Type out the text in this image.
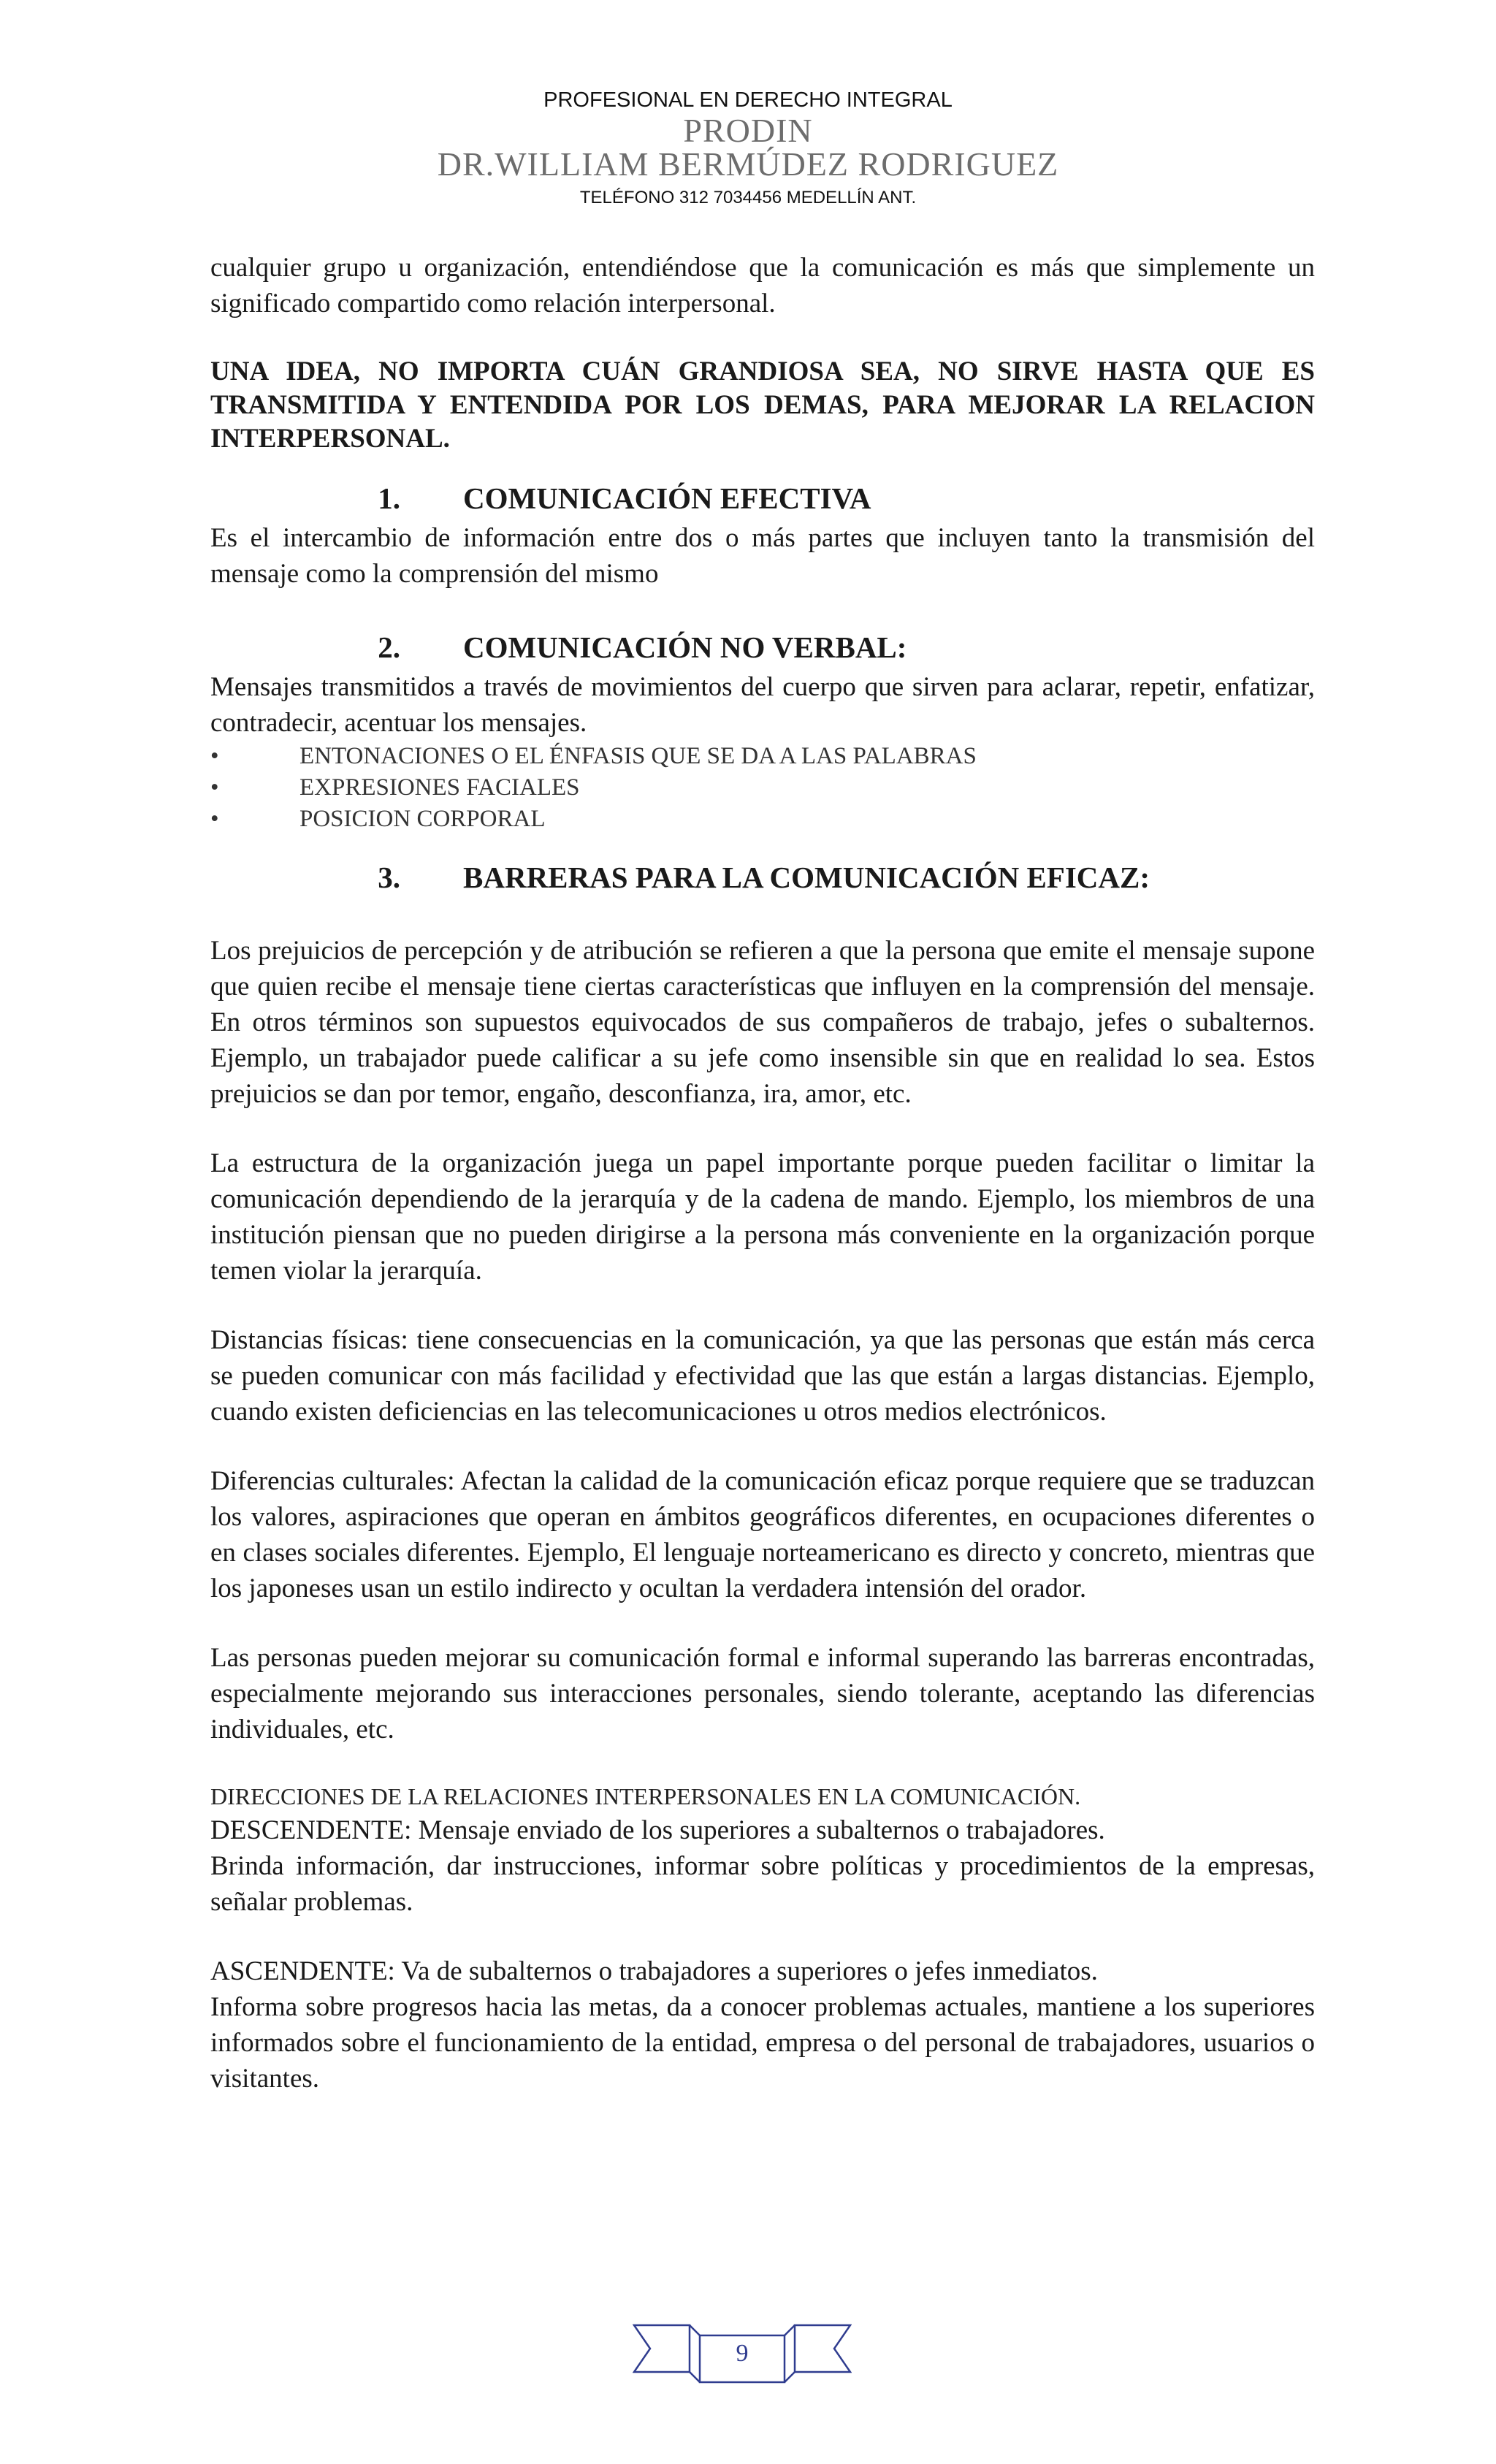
PROFESIONAL EN DERECHO INTEGRAL
PRODIN
DR.WILLIAM BERMÚDEZ RODRIGUEZ
TELÉFONO 312 7034456 MEDELLÍN ANT.

cualquier grupo u organización, entendiéndose que la comunicación es más que simplemente un significado compartido como relación interpersonal.

UNA IDEA, NO IMPORTA CUÁN GRANDIOSA SEA, NO SIRVE HASTA QUE ES TRANSMITIDA Y ENTENDIDA POR LOS DEMAS, PARA MEJORAR LA RELACION INTERPERSONAL.

1.	COMUNICACIÓN EFECTIVA

Es el intercambio de información entre dos o más partes que incluyen tanto la transmisión del mensaje como la comprensión del mismo

2.	COMUNICACIÓN NO VERBAL:

Mensajes transmitidos a través de movimientos del cuerpo que sirven para aclarar, repetir, enfatizar, contradecir, acentuar los mensajes.

•	ENTONACIONES O EL ÉNFASIS QUE SE DA A LAS PALABRAS
•	EXPRESIONES FACIALES
•	POSICION CORPORAL
3.	BARRERAS PARA LA COMUNICACIÓN EFICAZ:

Los prejuicios de percepción y de atribución se refieren a que la persona que emite el mensaje supone que quien recibe el mensaje tiene ciertas características que influyen en la comprensión del mensaje. En otros términos son supuestos equivocados de sus compañeros de trabajo, jefes o subalternos. Ejemplo, un trabajador puede calificar a su jefe como insensible sin que en realidad lo sea. Estos prejuicios se dan por temor, engaño, desconfianza, ira, amor, etc.

La estructura de la organización juega un papel importante porque pueden facilitar o limitar la comunicación dependiendo de la jerarquía y de la cadena de mando. Ejemplo, los miembros de una institución piensan que no pueden dirigirse a la persona más conveniente en la organización porque temen violar la jerarquía.

Distancias físicas: tiene consecuencias en la comunicación, ya que las personas que están más cerca se pueden comunicar con más facilidad y efectividad que las que están a largas distancias. Ejemplo, cuando existen deficiencias en las telecomunicaciones u otros medios electrónicos.

Diferencias culturales: Afectan la calidad de la comunicación eficaz porque requiere que se traduzcan los valores, aspiraciones que operan en ámbitos geográficos diferentes, en ocupaciones diferentes o en clases sociales diferentes. Ejemplo, El lenguaje norteamericano es directo y concreto, mientras que los japoneses usan un estilo indirecto y ocultan la verdadera intensión del orador.

Las personas pueden mejorar su comunicación formal e informal superando las barreras encontradas, especialmente mejorando sus interacciones personales, siendo tolerante, aceptando las diferencias individuales, etc.

DIRECCIONES DE LA RELACIONES INTERPERSONALES EN LA COMUNICACIÓN.

DESCENDENTE: Mensaje enviado de los superiores a subalternos o trabajadores.

Brinda información, dar instrucciones, informar sobre políticas y procedimientos de la empresas, señalar problemas.

ASCENDENTE: Va de subalternos o trabajadores a superiores o jefes inmediatos.

Informa sobre progresos hacia las metas, da a conocer problemas actuales, mantiene a los superiores informados sobre el funcionamiento de la entidad, empresa o del personal de trabajadores, usuarios o visitantes.

9
